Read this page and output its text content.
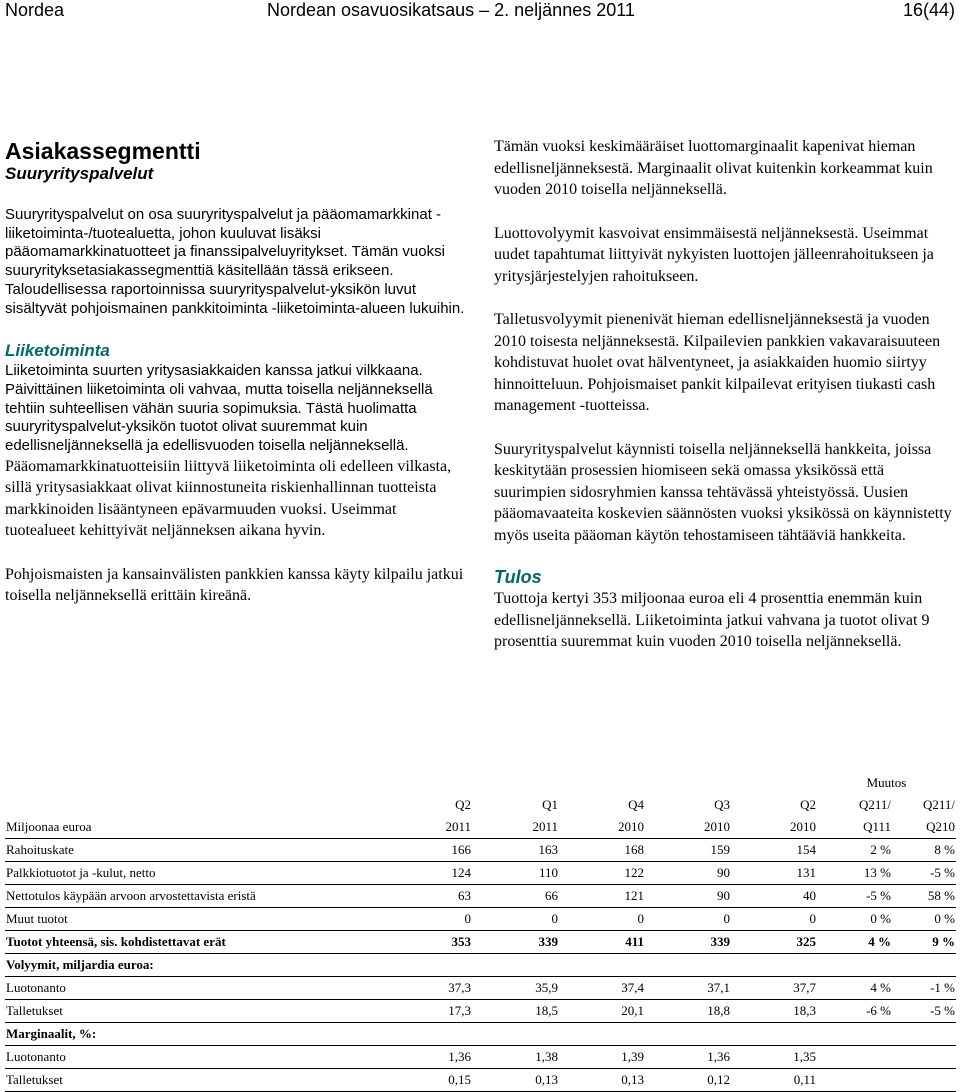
Nordea	Nordean osavuosikatsaus – 2. neljännes 2011	16(44)
Asiakassegmentti
Suuryrityspalvelut

Suuryrityspalvelut on osa suuryrityspalvelut ja pääomamarkkinat -liiketoiminta-/tuotealuetta, johon kuuluvat lisäksi pääomamarkkinatuotteet ja finanssipalveluyritykset. Tämän vuoksi suuryrityksetasiakassegmenttiä käsitellään tässä erikseen. Taloudellisessa raportoinnissa suuryrityspalvelut-yksikön luvut sisältyvät pohjoismainen pankkitoiminta -liiketoiminta-alueen lukuihin.

Liiketoiminta

Liiketoiminta suurten yritysasiakkaiden kanssa jatkui vilkkaana. Päivittäinen liiketoiminta oli vahvaa, mutta toisella neljänneksellä tehtiin suhteellisen vähän suuria sopimuksia. Tästä huolimatta suuryrityspalvelut-yksikön tuotot olivat suuremmat kuin edellisneljänneksellä ja edellisvuoden toisella neljänneksellä.

Pääomamarkkinatuotteisiin liittyvä liiketoiminta oli edelleen vilkasta, sillä yritysasiakkaat olivat kiinnostuneita riskienhallinnan tuotteista markkinoiden lisääntyneen epävarmuuden vuoksi. Useimmat tuotealueet kehittyivät neljänneksen aikana hyvin.

Pohjoismaisten ja kansainvälisten pankkien kanssa käyty kilpailu jatkui toisella neljänneksellä erittäin kireänä.

Tämän vuoksi keskimääräiset luottomarginaalit kapenivat hieman edellisneljänneksestä. Marginaalit olivat kuitenkin korkeammat kuin vuoden 2010 toisella neljänneksellä.

Luottovolyymit kasvoivat ensimmäisestä neljänneksestä. Useimmat uudet tapahtumat liittyivät nykyisten luottojen jälleenrahoitukseen ja yritysjärjestelyjen rahoitukseen.

Talletusvolyymit pienenivät hieman edellisneljänneksestä ja vuoden 2010 toisesta neljänneksestä. Kilpailevien pankkien vakavaraisuuteen kohdistuvat huolet ovat hälventyneet, ja asiakkaiden huomio siirtyy hinnoitteluun. Pohjoismaiset pankit kilpailevat erityisen tiukasti cash management -tuotteissa.

Suuryrityspalvelut käynnisti toisella neljänneksellä hankkeita, joissa keskitytään prosessien hiomiseen sekä omassa yksikössä että suurimpien sidosryhmien kanssa tehtävässä yhteistyössä. Uusien pääomavaateita koskevien säännösten vuoksi yksikössä on käynnistetty myös useita pääoman käytön tehostamiseen tähtääviä hankkeita.

Tulos

Tuottoja kertyi 353 miljoonaa euroa eli 4 prosenttia enemmän kuin edellisneljänneksellä. Liiketoiminta jatkui vahvana ja tuotot olivat 9 prosenttia suuremmat kuin vuoden 2010 toisella neljänneksellä.

						Muutos	
	Q2	Q1	Q4	Q3	Q2	Q211/	Q211/
Miljoonaa euroa	2011	2011	2010	2010	2010	Q111	Q210
Rahoituskate	166	163	168	159	154	2 %	8 %
Palkkiotuotot ja -kulut, netto	124	110	122	90	131	13 %	-5 %
Nettotulos käypään arvoon arvostettavista eristä	63	66	121	90	40	-5 %	58 %
Muut tuotot	0	0	0	0	0	0 %	0 %
Tuotot yhteensä, sis. kohdistettavat erät	353	339	411	339	325	4 %	9 %
Volyymit, miljardia euroa:							
Luotonanto	37,3	35,9	37,4	37,1	37,7	4 %	-1 %
Talletukset	17,3	18,5	20,1	18,8	18,3	-6 %	-5 %
Marginaalit, %:							
Luotonanto	1,36	1,38	1,39	1,36	1,35		
Talletukset	0,15	0,13	0,13	0,12	0,11		
